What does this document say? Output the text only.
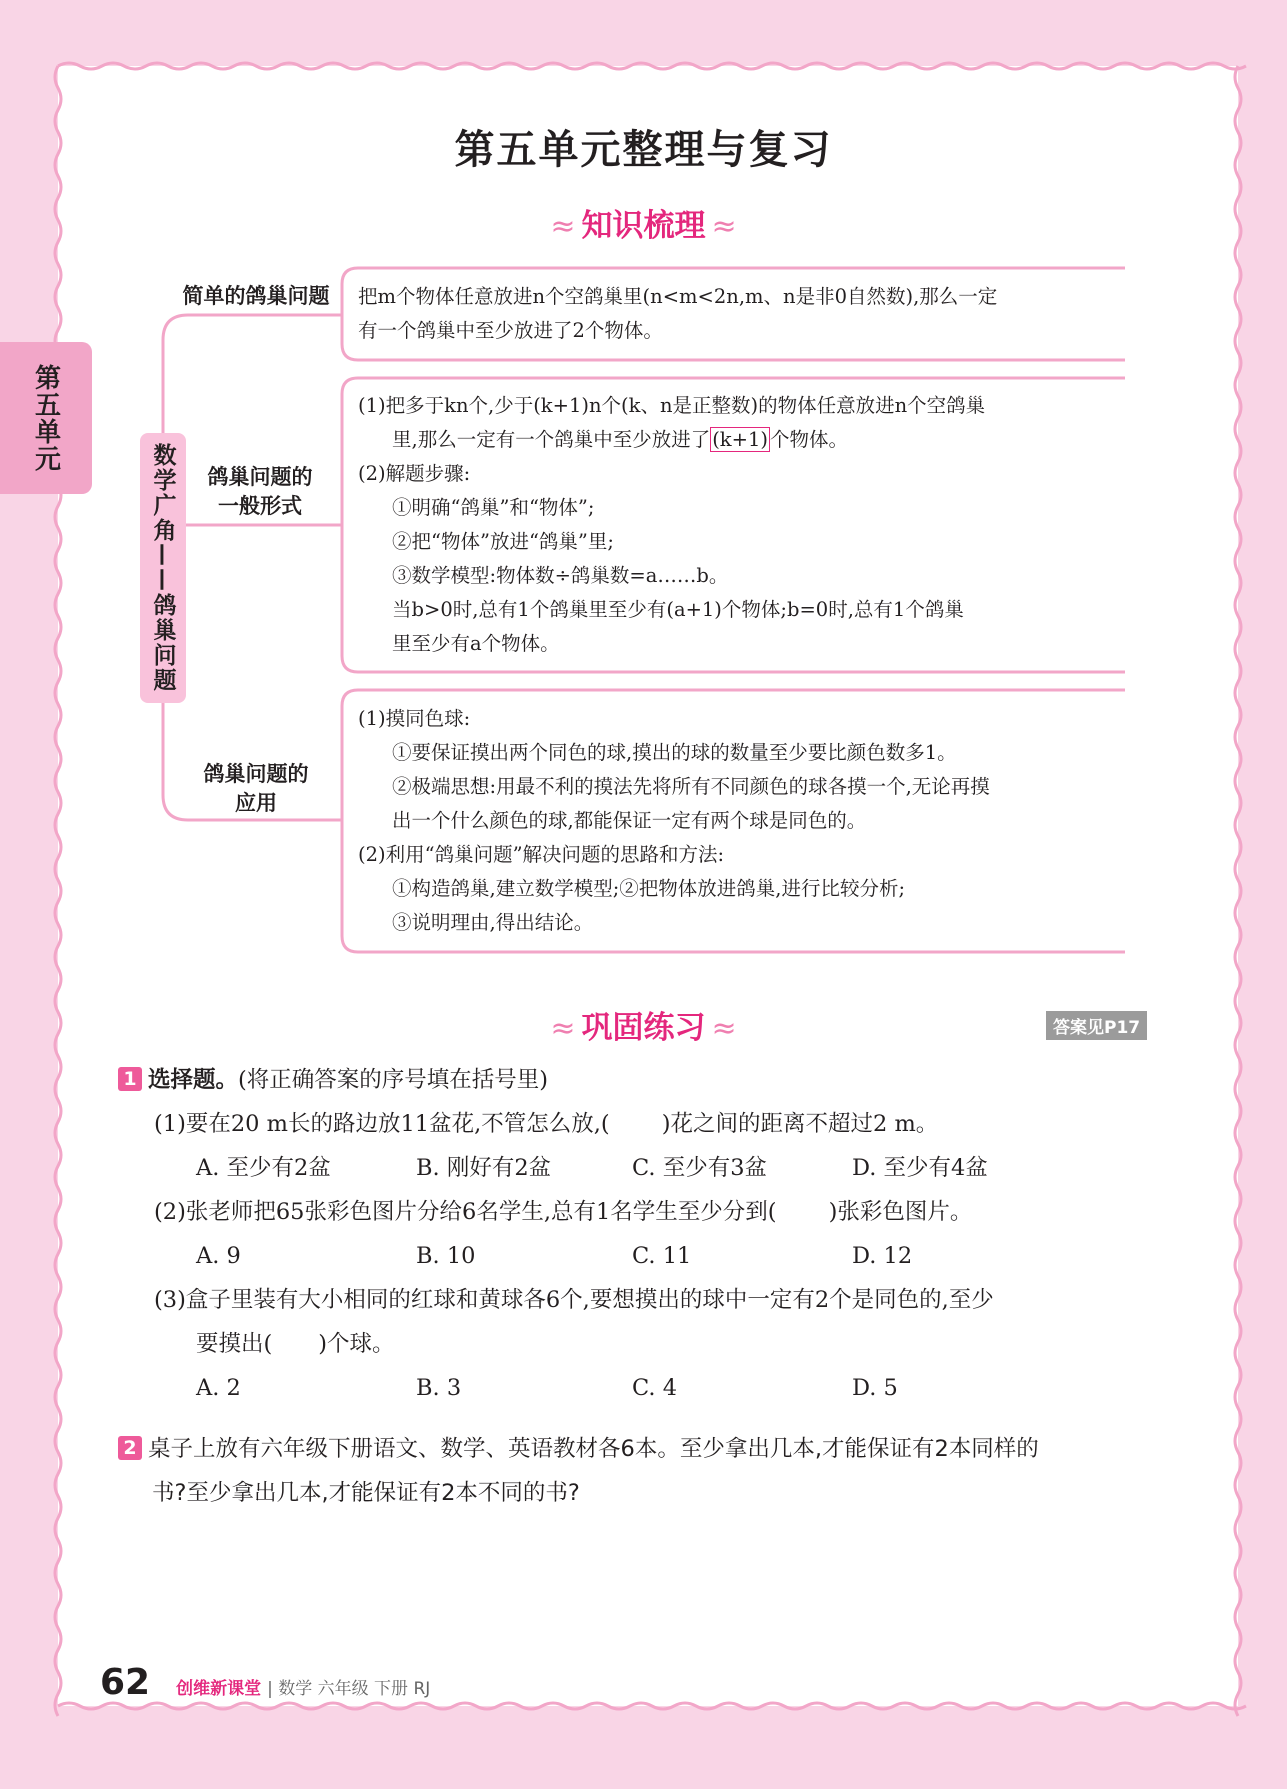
第五单元
第五单元整理与复习
≈ 知识梳理 ≈
数学广角——鸽巢问题
简单的鸽巢问题
鸽巢问题的
一般形式
鸽巢问题的
应用
把m个物体任意放进n个空鸽巢里(n<m<2n,m、n是非0自然数),那么一定
有一个鸽巢中至少放进了2个物体。
(1)把多于kn个,少于(k+1)n个(k、n是正整数)的物体任意放进n个空鸽巢
里,那么一定有一个鸽巢中至少放进了 (k+1) 个物体。
(2)解题步骤:
①明确“鸽巢”和“物体”;
②把“物体”放进“鸽巢”里;
③数学模型:物体数÷鸽巢数=a……b。
当b>0时,总有1个鸽巢里至少有(a+1)个物体;b=0时,总有1个鸽巢
里至少有a个物体。
(1)摸同色球:
①要保证摸出两个同色的球,摸出的球的数量至少要比颜色数多1。
②极端思想:用最不利的摸法先将所有不同颜色的球各摸一个,无论再摸
出一个什么颜色的球,都能保证一定有两个球是同色的。
(2)利用“鸽巢问题”解决问题的思路和方法:
①构造鸽巢,建立数学模型;②把物体放进鸽巢,进行比较分析;
③说明理由,得出结论。
≈ 巩固练习 ≈	答案见P17
1 选择题。(将正确答案的序号填在括号里)
(1)要在20 m长的路边放11盆花,不管怎么放,( )花之间的距离不超过2 m。
A. 至少有2盆	B. 刚好有2盆	C. 至少有3盆	D. 至少有4盆
(2)张老师把65张彩色图片分给6名学生,总有1名学生至少分到( )张彩色图片。
A. 9	B. 10	C. 11	D. 12
(3)盒子里装有大小相同的红球和黄球各6个,要想摸出的球中一定有2个是同色的,至少
要摸出( )个球。
A. 2	B. 3	C. 4	D. 5
2 桌子上放有六年级下册语文、数学、英语教材各6本。至少拿出几本,才能保证有2本同样的
书?至少拿出几本,才能保证有2本不同的书?
62 创维新课堂 | 数学 六年级 下册 RJ
